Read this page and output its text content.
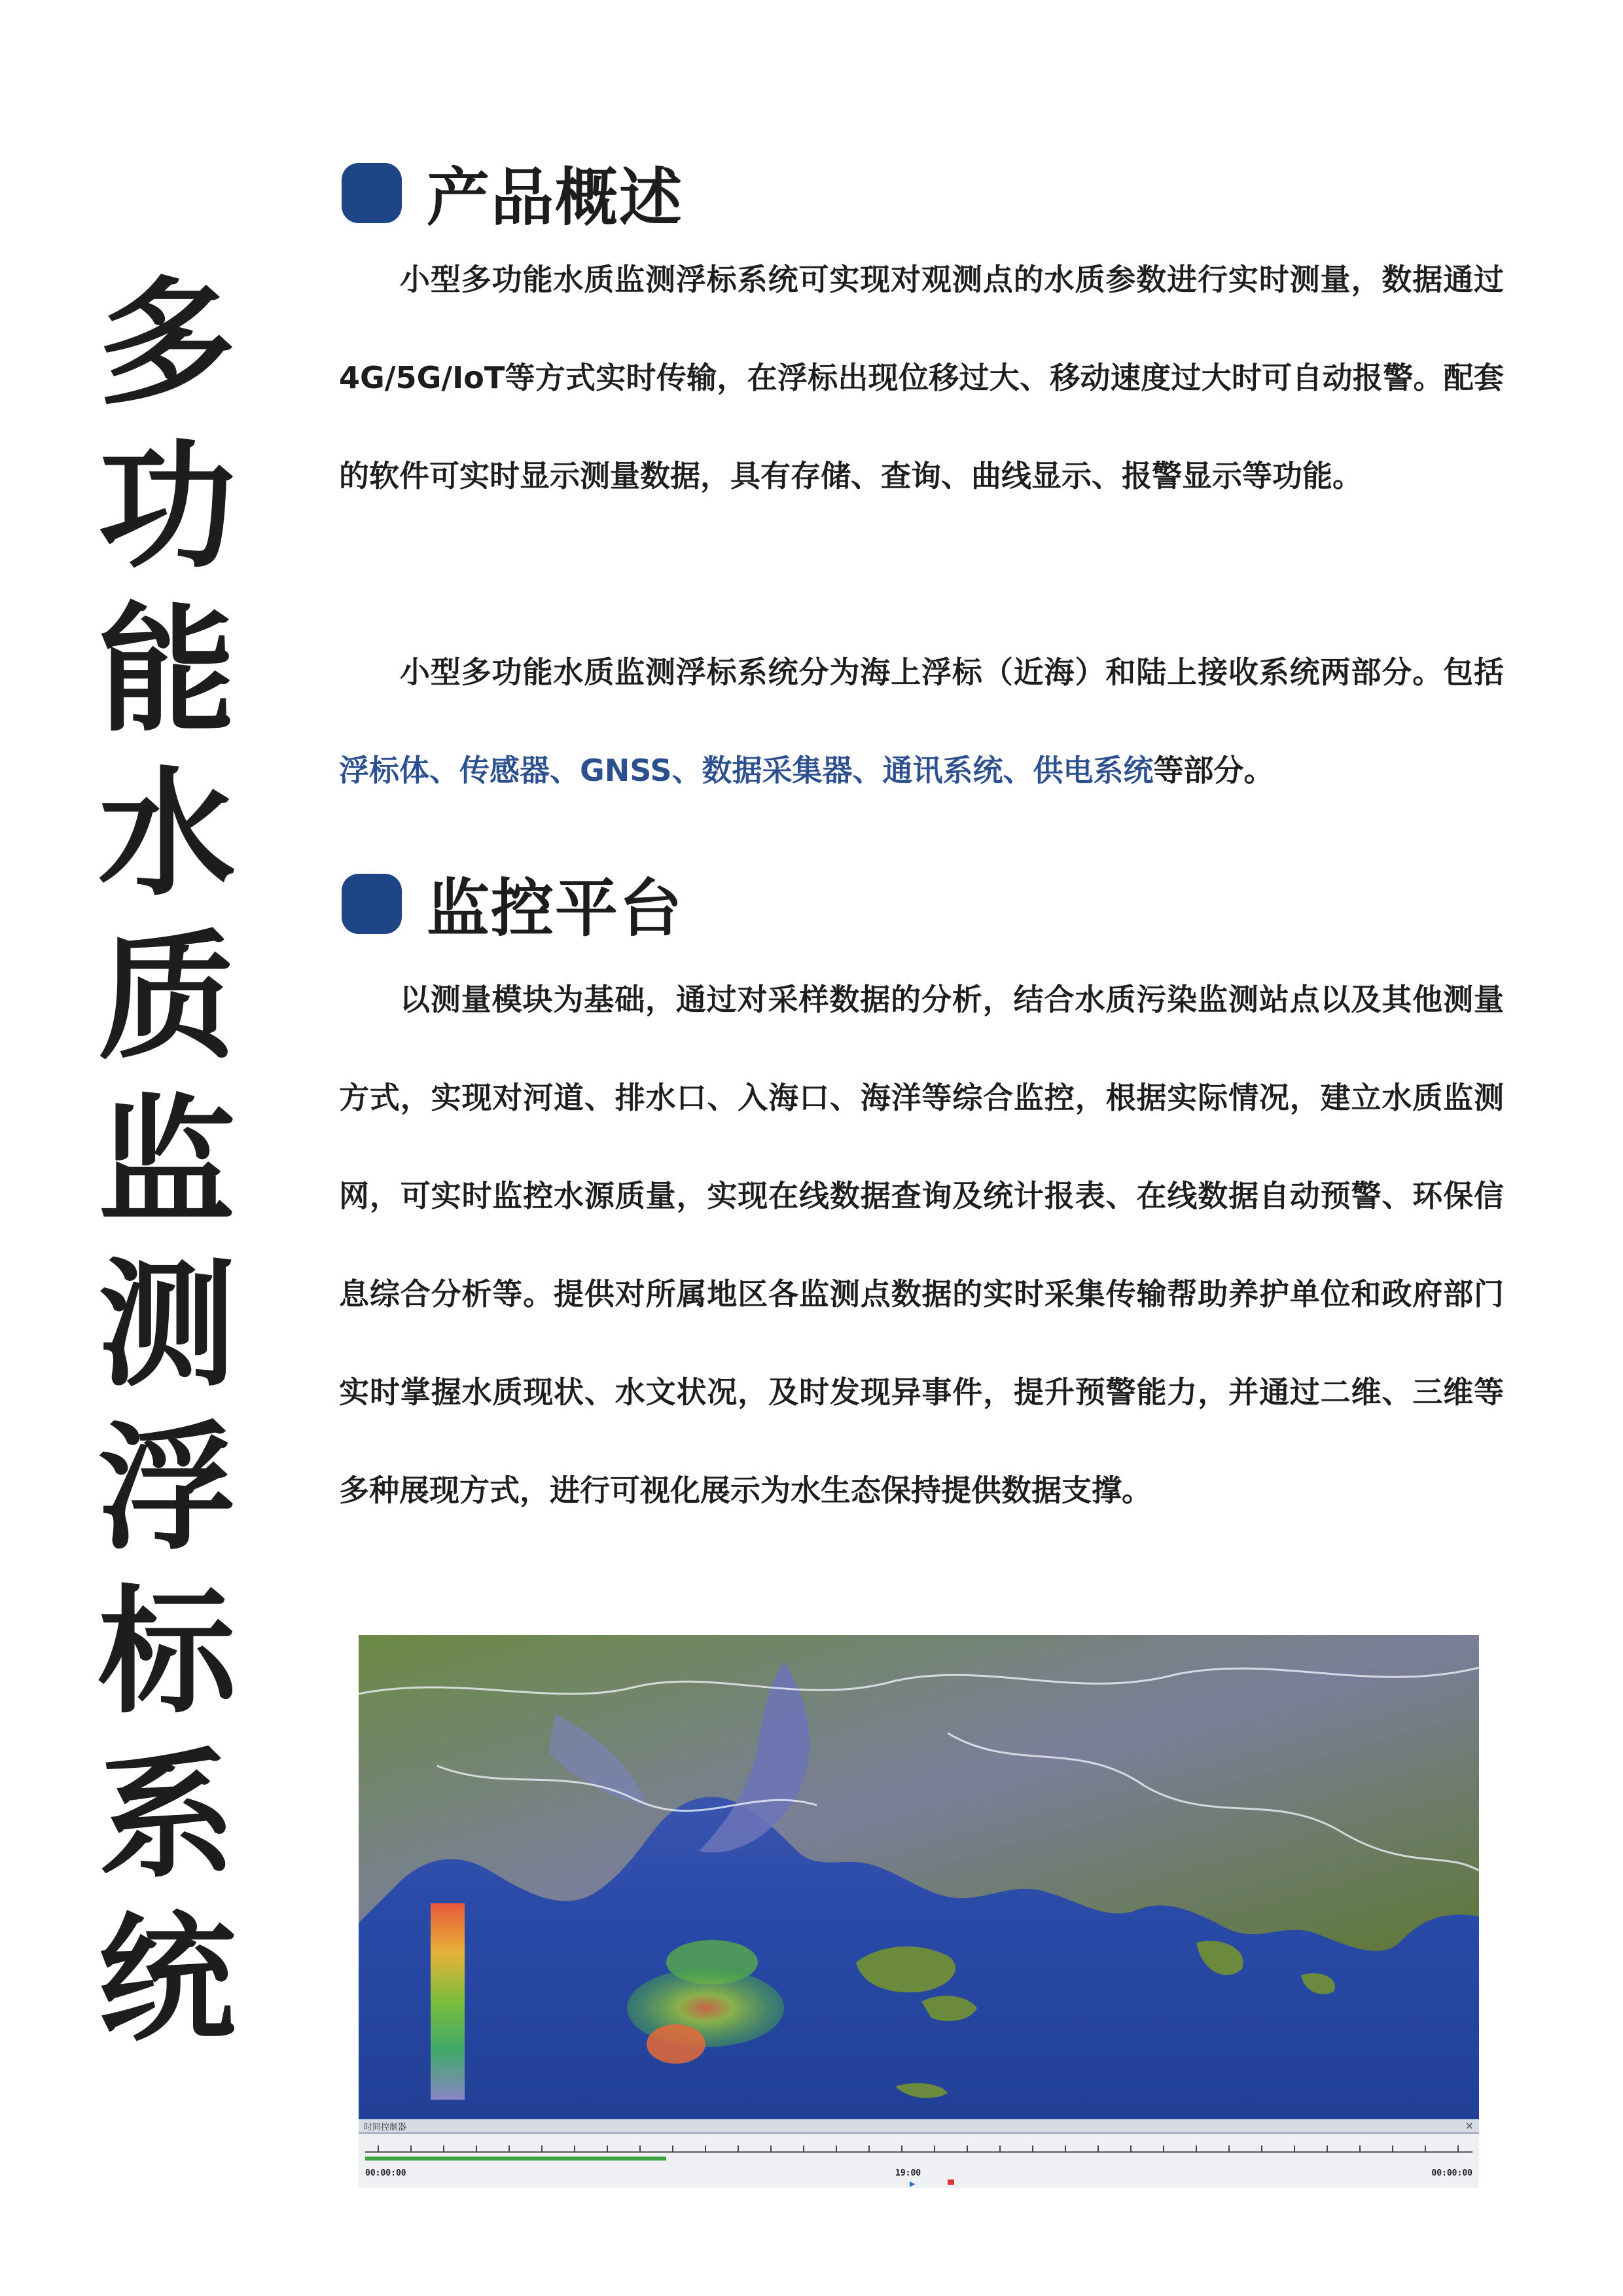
多
功
能
水
质
监
测
浮
标
系
统
产品概述
小型多功能水质监测浮标系统可实现对观测点的水质参数进行实时测量，数据通过4G/5G/IoT等方式实时传输，在浮标出现位移过大、移动速度过大时可自动报警。配套的软件可实时显示测量数据，具有存储、查询、曲线显示、报警显示等功能。
小型多功能水质监测浮标系统分为海上浮标（近海）和陆上接收系统两部分。包括浮标体、传感器、GNSS、数据采集器、通讯系统、供电系统等部分。
监控平台
以测量模块为基础，通过对采样数据的分析，结合水质污染监测站点以及其他测量方式，实现对河道、排水口、入海口、海洋等综合监控，根据实际情况，建立水质监测网，可实时监控水源质量，实现在线数据查询及统计报表、在线数据自动预警、环保信息综合分析等。提供对所属地区各监测点数据的实时采集传输帮助养护单位和政府部门实时掌握水质现状、水文状况，及时发现异事件，提升预警能力，并通过二维、三维等多种展现方式，进行可视化展示为水生态保持提供数据支撑。
时间控制器	×
00:00:00	19:00	00:00:00
▶
